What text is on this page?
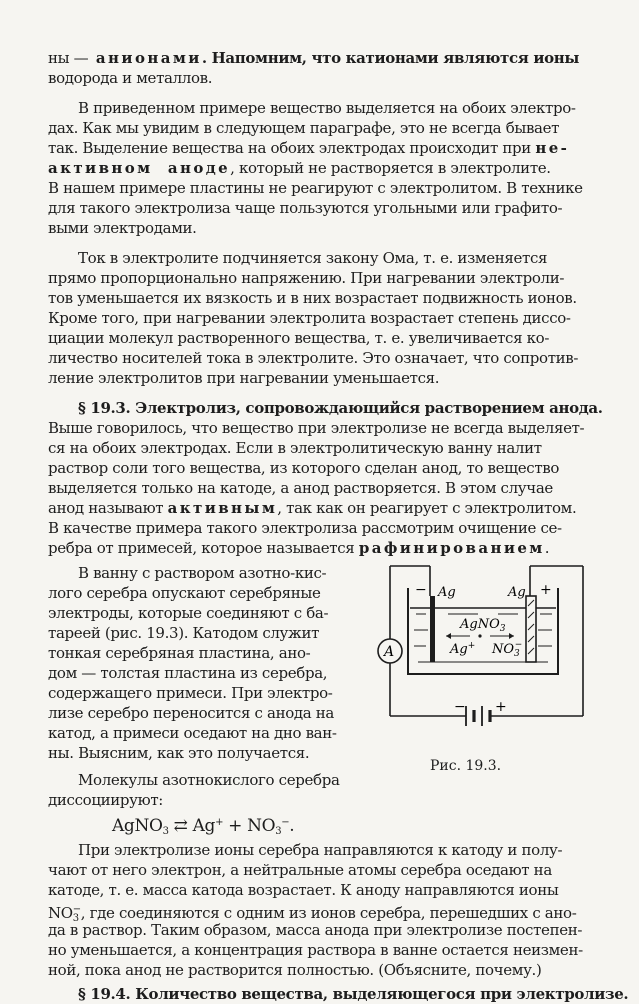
ны — анионами. Напомним, что катионами являются ионы
водорода и металлов.
В приведенном примере вещество выделяется на обоих электро-
дах. Как мы увидим в следующем параграфе, это не всегда бывает
так. Выделение вещества на обоих электродах происходит при не-
активном  аноде, который не растворяется в электролите.
В нашем примере пластины не реагируют с электролитом. В технике
для такого электролиза чаще пользуются угольными или графито-
выми электродами.
Ток в электролите подчиняется закону Ома, т. е. изменяется
прямо пропорционально напряжению. При нагревании электроли-
тов уменьшается их вязкость и в них возрастает подвижность ионов.
Кроме того, при нагревании электролита возрастает степень диссо-
циации молекул растворенного вещества, т. е. увеличивается ко-
личество носителей тока в электролите. Это означает, что сопротив-
ление электролитов при нагревании уменьшается.
§ 19.3. Электролиз, сопровождающийся растворением анода.
Выше говорилось, что вещество при электролизе не всегда выделяет-
ся на обоих электродах. Если в электролитическую ванну налит
раствор соли того вещества, из которого сделан анод, то вещество
выделяется только на катоде, а анод растворяется. В этом случае
анод называют активным, так как он реагирует с электролитом.
В качестве примера такого электролиза рассмотрим очищение се-
ребра от примесей, которое называется рафинированием.
В ванну с раствором азотно-кис-
лого серебра опускают серебряные
электроды, которые соединяют с ба-
тареей (рис. 19.3). Катодом служит
тонкая серебряная пластина, ано-
дом — толстая пластина из серебра,
содержащего примеси. При электро-
лизе серебро переносится с анода на
катод, а примеси оседают на дно ван-
ны. Выясним, как это получается.
Молекулы азотнокислого серебра
диссоциируют:
AgNO$_3$ ⇄ $Ag^+ + NO_3^-$.
− +
A
− Ag	Ag +
AgNO$_3$
Ag+ $NO_3-$
Рис. 19.3.
При электролизе ионы серебра направляются к катоду и полу-
чают от него электрон, а нейтральные атомы серебра оседают на
катоде, т. е. масса катода возрастает. К аноду направляются ионы
$NO_3^-$, где соединяются с одним из ионов серебра, перешедших с ано-
да в раствор. Таким образом, масса анода при электролизе постепен-
но уменьшается, а концентрация раствора в ванне остается неизмен-
ной, пока анод не растворится полностью. (Объясните, почему.)
§ 19.4. Количество вещества, выделяющегося при электролизе.
